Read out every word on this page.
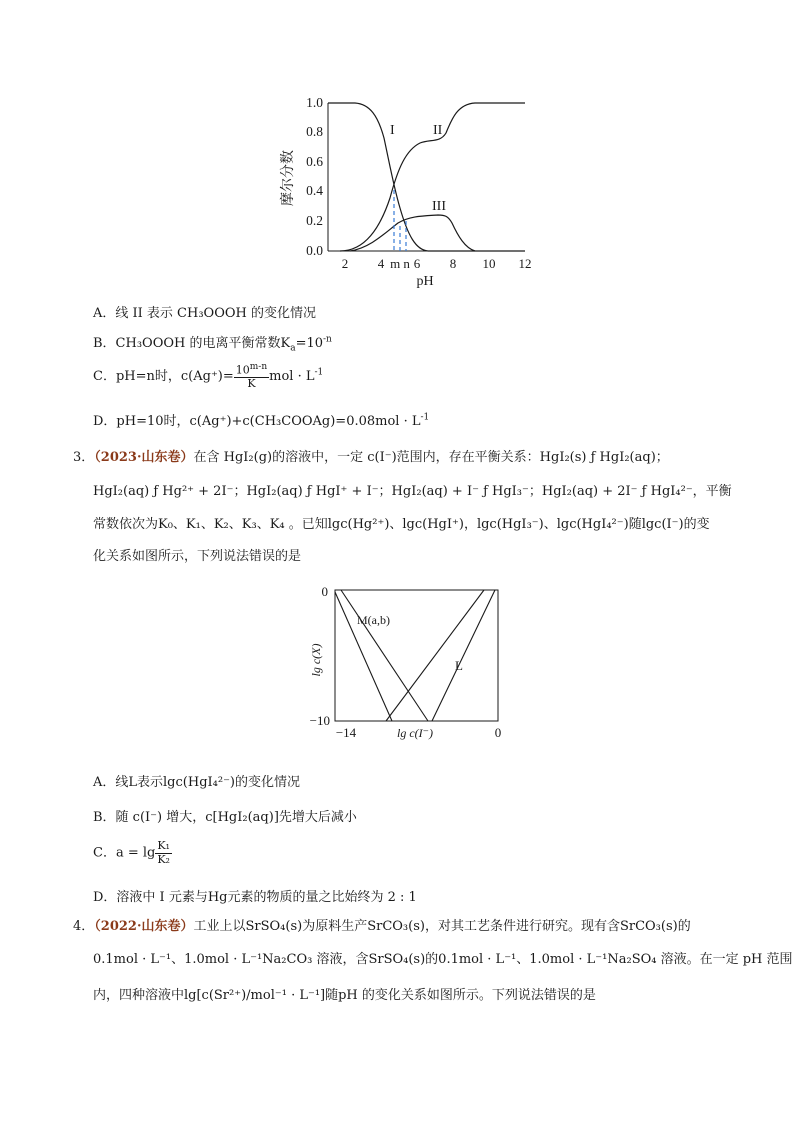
1.0
0.8
0.6
0.4
0.2
0.0
2 4 6 8 10 12
m n
pH
摩尔分数
I	II
III
A．线 II 表示 CH₃OOOH 的变化情况
B．CH₃OOOH 的电离平衡常数$K_a=10^{-n}$
C．pH=n时，$c(Ag^+)= \frac{10^{m-n}}{K}$ mol · $L^{-1}$
D．pH=10时，c(Ag⁺)+c(CH₃COOAg)=0.08mol · $L^{-1}$
3．（2023·山东卷）在含 HgI₂(g)的溶液中，一定 c(I⁻)范围内，存在平衡关系：HgI₂(s) ƒ HgI₂(aq)；
HgI₂(aq) ƒ Hg²⁺ + 2I⁻；HgI₂(aq) ƒ HgI⁺ + I⁻；HgI₂(aq) + I⁻ ƒ HgI₃⁻；HgI₂(aq) + 2I⁻ ƒ HgI₄²⁻，平衡
常数依次为K₀、K₁、K₂、K₃、K₄ 。已知lgc(Hg²⁺)、lgc(HgI⁺)，lgc(HgI₃⁻)、lgc(HgI₄²⁻)随lgc(I⁻)的变
化关系如图所示，下列说法错误的是
0
−10
−14	0
lg c(I⁻)
lg c(X)
M(a,b)
L
A．线L表示lgc(HgI₄²⁻)的变化情况
B．随 c(I⁻) 增大，c[HgI₂(aq)]先增大后减小
C．$a = \lg \frac{\text{K₁}}{\text{K₂}}$
D．溶液中 I 元素与Hg元素的物质的量之比始终为 2 : 1
4．（2022·山东卷）工业上以SrSO₄(s)为原料生产SrCO₃(s)，对其工艺条件进行研究。现有含SrCO₃(s)的
0.1mol · L⁻¹、1.0mol · L⁻¹Na₂CO₃ 溶液，含SrSO₄(s)的0.1mol · L⁻¹、1.0mol · L⁻¹Na₂SO₄ 溶液。在一定 pH 范围
内，四种溶液中lg[c(Sr²⁺)/mol⁻¹ · L⁻¹]随pH 的变化关系如图所示。下列说法错误的是
